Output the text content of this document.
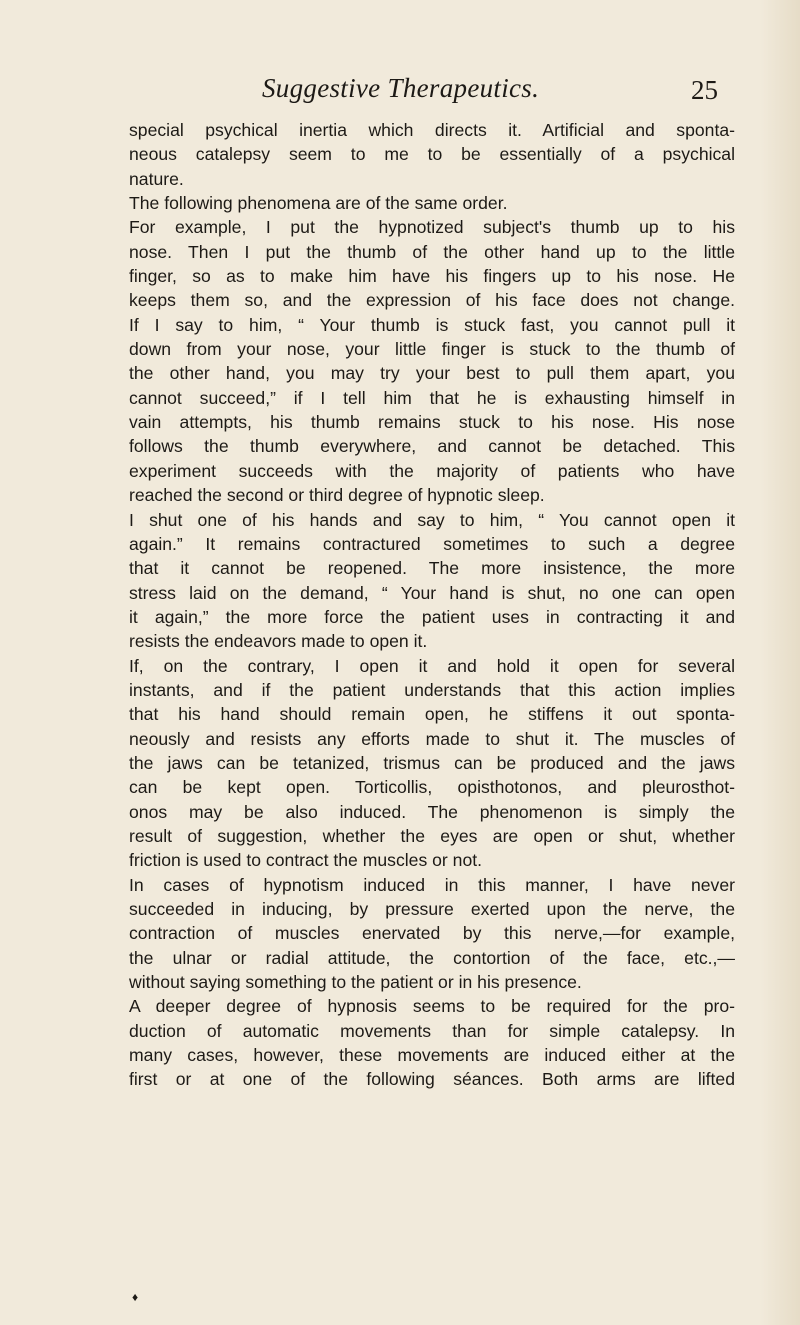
Suggestive Therapeutics.	25
special psychical inertia which directs it. Artificial and sponta-
neous catalepsy seem to me to be essentially of a psychical
nature.
The following phenomena are of the same order.
For example, I put the hypnotized subject's thumb up to his
nose. Then I put the thumb of the other hand up to the little
finger, so as to make him have his fingers up to his nose. He
keeps them so, and the expression of his face does not change.
If I say to him, “ Your thumb is stuck fast, you cannot pull it
down from your nose, your little finger is stuck to the thumb of
the other hand, you may try your best to pull them apart, you
cannot succeed,” if I tell him that he is exhausting himself in
vain attempts, his thumb remains stuck to his nose. His nose
follows the thumb everywhere, and cannot be detached. This
experiment succeeds with the majority of patients who have
reached the second or third degree of hypnotic sleep.
I shut one of his hands and say to him, “ You cannot open it
again.” It remains contractured sometimes to such a degree
that it cannot be reopened. The more insistence, the more
stress laid on the demand, “ Your hand is shut, no one can open
it again,” the more force the patient uses in contracting it and
resists the endeavors made to open it.
If, on the contrary, I open it and hold it open for several
instants, and if the patient understands that this action implies
that his hand should remain open, he stiffens it out sponta-
neously and resists any efforts made to shut it. The muscles of
the jaws can be tetanized, trismus can be produced and the jaws
can be kept open. Torticollis, opisthotonos, and pleurosthot-
onos may be also induced. The phenomenon is simply the
result of suggestion, whether the eyes are open or shut, whether
friction is used to contract the muscles or not.
In cases of hypnotism induced in this manner, I have never
succeeded in inducing, by pressure exerted upon the nerve, the
contraction of muscles enervated by this nerve,—for example,
the ulnar or radial attitude, the contortion of the face, etc.,—
without saying something to the patient or in his presence.
A deeper degree of hypnosis seems to be required for the pro-
duction of automatic movements than for simple catalepsy. In
many cases, however, these movements are induced either at the
first or at one of the following séances. Both arms are lifted
♦
